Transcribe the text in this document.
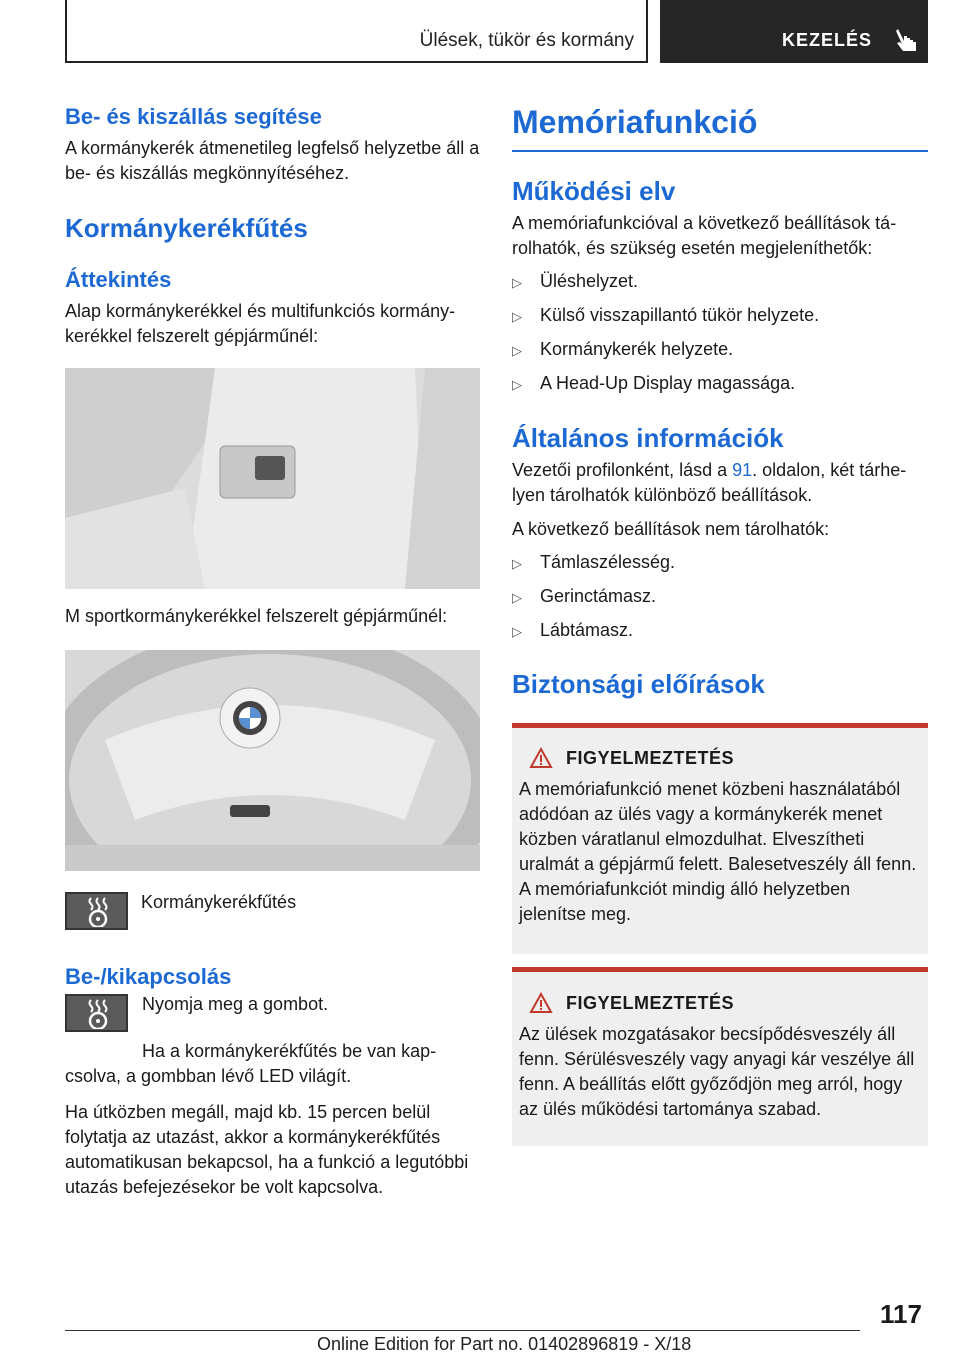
Ülések, tükör és kormány	KEZELÉS
Be- és kiszállás segítése

A kormánykerék átmenetileg legfelső helyzetbe áll a be- és kiszállás megkönnyítéséhez.

Kormánykerékfűtés
Áttekintés

Alap kormánykerékkel és multifunkciós kormánykerékkel felszerelt gépjárműnél:

M sportkormánykerékkel felszerelt gépjárműnél:

Kormánykerékfűtés

Be-/kikapcsolás

Nyomja meg a gombot.

Ha a kormánykerékfűtés be van kapcsolva, a gombban lévő LED világít.

Ha útközben megáll, majd kb. 15 percen belül folytatja az utazást, akkor a kormánykerékfűtés automatikusan bekapcsol, ha a funkció a legutóbbi utazás befejezésekor be volt kapcsolva.

Memóriafunkció
Működési elv

A memóriafunkcióval a következő beállítások tárolhatók, és szükség esetén megjeleníthetők:

▷	Üléshelyzet.
▷	Külső visszapillantó tükör helyzete.
▷	Kormánykerék helyzete.
▷	A Head-Up Display magassága.
Általános információk

Vezetői profilonként, lásd a 91. oldalon, két tárhelyen tárolhatók különböző beállítások.

A következő beállítások nem tárolhatók:

▷	Támlaszélesség.
▷	Gerinctámasz.
▷	Lábtámasz.
Biztonsági előírások
FIGYELMEZTETÉS

A memóriafunkció menet közbeni használatából adódóan az ülés vagy a kormánykerék menet közben váratlanul elmozdulhat. Elveszítheti uralmát a gépjármű felett. Balesetveszély áll fenn. A memóriafunkciót mindig álló helyzetben jelenítse meg.

FIGYELMEZTETÉS

Az ülések mozgatásakor becsípődésveszély áll fenn. Sérülésveszély vagy anyagi kár veszélye áll fenn. A beállítás előtt győződjön meg arról, hogy az ülés működési tartománya szabad.

117
Online Edition for Part no. 01402896819 - X/18
